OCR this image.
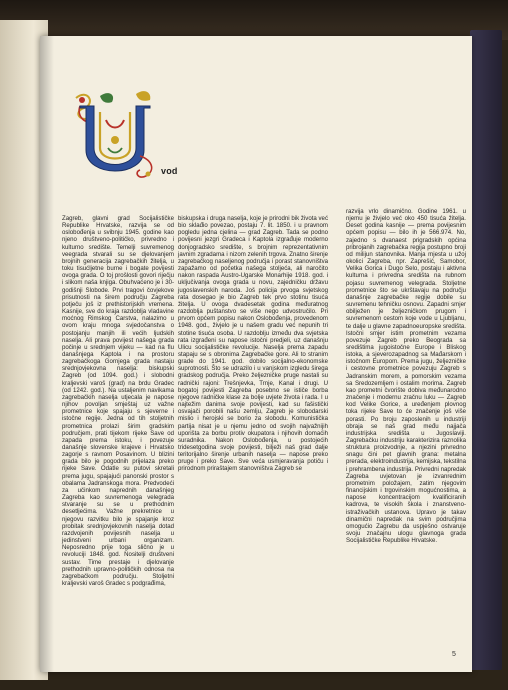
vod

Zagreb, glavni grad Socijalističke Republike Hrvatske, razvija se od oslobođenja u svibnju 1945. godine kao njeno društveno-političko, privredno i kulturno središte. Temelji suvremenog veegrada stvarali su se djelovanjem brojnih generacija zagrebačkih žitelja, u toku tisućljetne burne i bogate povijesti ovoga grada. O toj prošlosti govori riječju i slikom naša knjiga. Obuhvaćeno je i 30-godišnji Slobode. Prvi tragovi čovjekove prisutnosti na širem području Zagreba potječu još iz prethistorijskih vremena. Kasnije, sve do kraja razdoblja vladavine moćnog Rimskog Carstva, nalazimo u ovom kraju mnoga svjedočanstva o postojanju manjih ili većih ljudskih naselja. Ali prava povijest našega grada počinje u srednjem vijeku — kad na flu današnjega Kaptola i na prostoru zagrebačkoga Gornjega grada nastaju srednjovjekovna naselja: biskupski Zagreb (od 1094. god.) i slobodni kraljevski varoš (grad) na brdu Gradec (od 1242. god.). Na ustaljenim navikama zagrebačkih naselja utjecala je napose njihov povoljan smještaj uz važne prometnice koje spajaju s sjeverne i istočne regije. Jedna od tih stoljetnih prometnica prolazi širim gradskim područjem, prati tijekom rijeke Save od zapada prema istoku, i povezuje današnje slovenske krajeve i Hrvatsko zagorje s ravnom Posavinom. U blizini grada bilo je pogodnih prijelaza preko rijeke Save. Odatle su putovi skretali prema jugu, spajajući panonski prostor s obalama Jadranskoga mora. Predvodeći za učinkom naprednih današnjeg Zagreba kao suvremenoga velegrada stvaranje su se u prethodnim desetljećima. Važne prekretnice u njegovu razvitku bilo je spajanje kroz probitak srednjovjekovnih naselja dotad razdvojenih povijesnih naselja u jedinstveni urbani organizam. Neposredno prije toga slično je u revoluciji 1848. god. Nositelji društveni sustav. Time prestaje i djelovanje prethodnih upravno-političkih odnosa na zagrebačkom području. Stoljetni kraljevski varoš Gradec s podgrađima,

biskupska i druga naselja, koje je prirodni bik života već bio sklađio povezao, postaju 7. lit. 1850. i u pravnom pogledu jedna cjelina — grad Zagreb. Tada se podno povijesni jezgri Gradeca i Kaptola izgrađuje moderno donjogradsko središte, s brojnim reprezentativnim javnim zgradama i nizom zelenih trgova. Znatno širenje zagrebačkog naseljenog područja i porast stanovništva zapažamo od početka našega stoljeća, ali naročito nakon raspada Austro-Ugarske Monarhije 1918. god. i uključivanja ovoga grada u novu, zajedničku državu jugoslavenskih naroda. Još policija prvoga svjetskog rata dosegao je bio Zagreb tek prvo stotinu tisuća žitelja. U ovoga dvadesetak godina međuratnog razdoblja puštanstvo se više nego udvostručilo. Pri prvom općem popisu nakon Oslobođenja, provedenom 1948. god., živjelo je u našem gradu već nepunih tri stotine tisuća osoba. U razdoblju između dva svjetska rata izgrađeni su napose istočni predjeli, uz današnju Ulicu socijalističke revolucije. Naselja prema zapadu stapaju se s obronima Zagrebačke gore. Ali to stranim grade do 1941. god. dobilo socijalno-ekonomske suprotnosti. Što se udrazilo i u vanjskom izgledu širega gradskog područja. Preko željezničke pruge nastali su radnički rajoni: Trešnjevka, Trnje, Kanal i drugi. U bogatoj povijesti Zagreba posebno se ističe borba njegove radničke klase za bolje uvjete života i rada. I u najtežim danima svoje povijesti, kad su fašistički osvajači porobili našu zemlju, Zagreb je slobodarski mislio i herojski se borio za slobodu. Komunistička partija nisat je u njemu jedno od svojih najvažnijih uporišta za borbu protiv okupatora i njihovih domaćih suradnika. Nakon Oslobođenja, u postojećih tridesetgodina svoje povijesti, bilježi naš grad dalje teritorijalno širenje urbanih naselja — napose preko pruge i preko Save. Sve veća usmjeravanja potiču i prirodnom priraštajem stanovništva Zagreb se

razvija vrlo dinamično. Godine 1961. u njemu je živjelo već oko 450 tisuća žitelja. Deset godina kasnije — prema povijesnim općem popisu — bilo ih je 566.974. No, zajedno s dvanaest prigradskih općina pribrojanih zagrebačka regija postupno broji od milijun stanovnika. Manja mjesta u užoj okolici Zagreba, npr. Zaprešić, Samobor, Velika Gorica i Dugo Selo, postaju i aktivna kulturna i privredna središta na rubnom pojasu suvremenog velegrada. Stoljetne prometnice što se ukrštavaju na području današnje zagrebačke regije dobile su suvremenu tehničku osnovu. Zapadni smjer obilježen je željezničkom prugom i suvremenom cestom koje vode u Ljubljanu, te dalje u glavne zapadnoeuropske središta. Istočni smjer istim prometnim vezama povezuje Zagreb preko Beograda sa središtima jugoistočne Europe i Bliskog istoka, a sjeverozapadnog sa Mađarskom i istočnom Europom. Prema jugu, željezničke i cestovne prometnice povezuju Zagreb s Jadranskim morem, a pomorskim vezama sa Sredozemljem i ostalim morima. Zagreb kao prometni čvorište dobiva međunarodno značenje i modernu zračnu luku — Zagreb kod Velike Gorice, a uređenjem plovnog toka rijeke Save to će značenje još više porasti. Po broju zaposlenih u industriji obraja se naš grad među najjača industrijska središta u Jugoslaviji. Zagrebačku industriju karakterizira raznolika struktura proizvodnje, a njezini privredno snagu čini pet glavnih grana: metalna prerada, elektroindustrija, kemijska, tekstilna i prehrambena industrija. Privredni napredak Zagreba uvjetovan je izvanrednim prometnim položajem, zatim njegovim financijskim i trgovinskim mogućnostima, a napose koncentracijom kvalificiranih kadrova, te visokih škola i znanstveno-istraživačkih ustanova. Upravo je takav dinamični napredak na svim područjima omogućio Zagrebu da uspješno ostvaruje svoju značajnu ulogu glavnoga grada Socijalističke Republike Hrvatske.

5
